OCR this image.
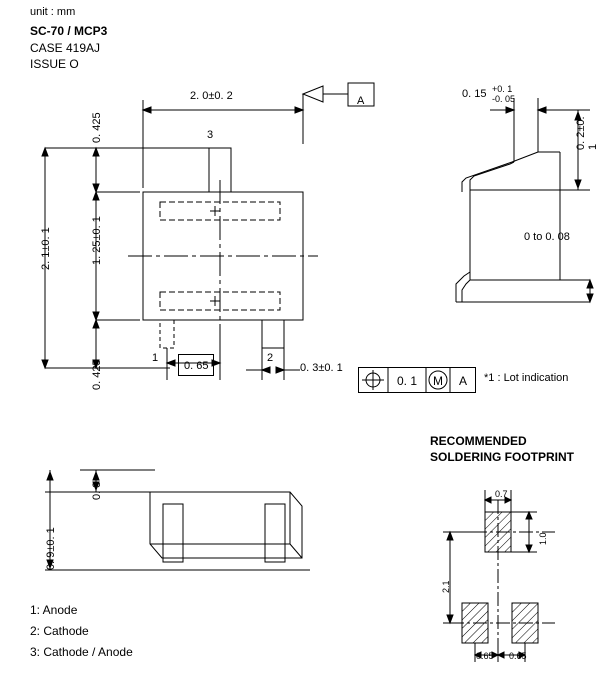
unit : mm
SC-70 / MCP3
CASE 419AJ
ISSUE O
2. 0±0. 2	A
2. 1±0. 1	1. 25±0. 1
0. 425
0. 425
3
1	2
0. 65	0. 3±0. 1
0. 15 +0. 1
-0. 05
0. 2±0. 1
0 to 0. 08
0. 1 M A *1 : Lot indication
0. 3
0. 9±0. 1
RECOMMENDED
SOLDERING FOOTPRINT
0.7
1.0
2.1
0.65 0.65
1: Anode
2: Cathode
3: Cathode / Anode
